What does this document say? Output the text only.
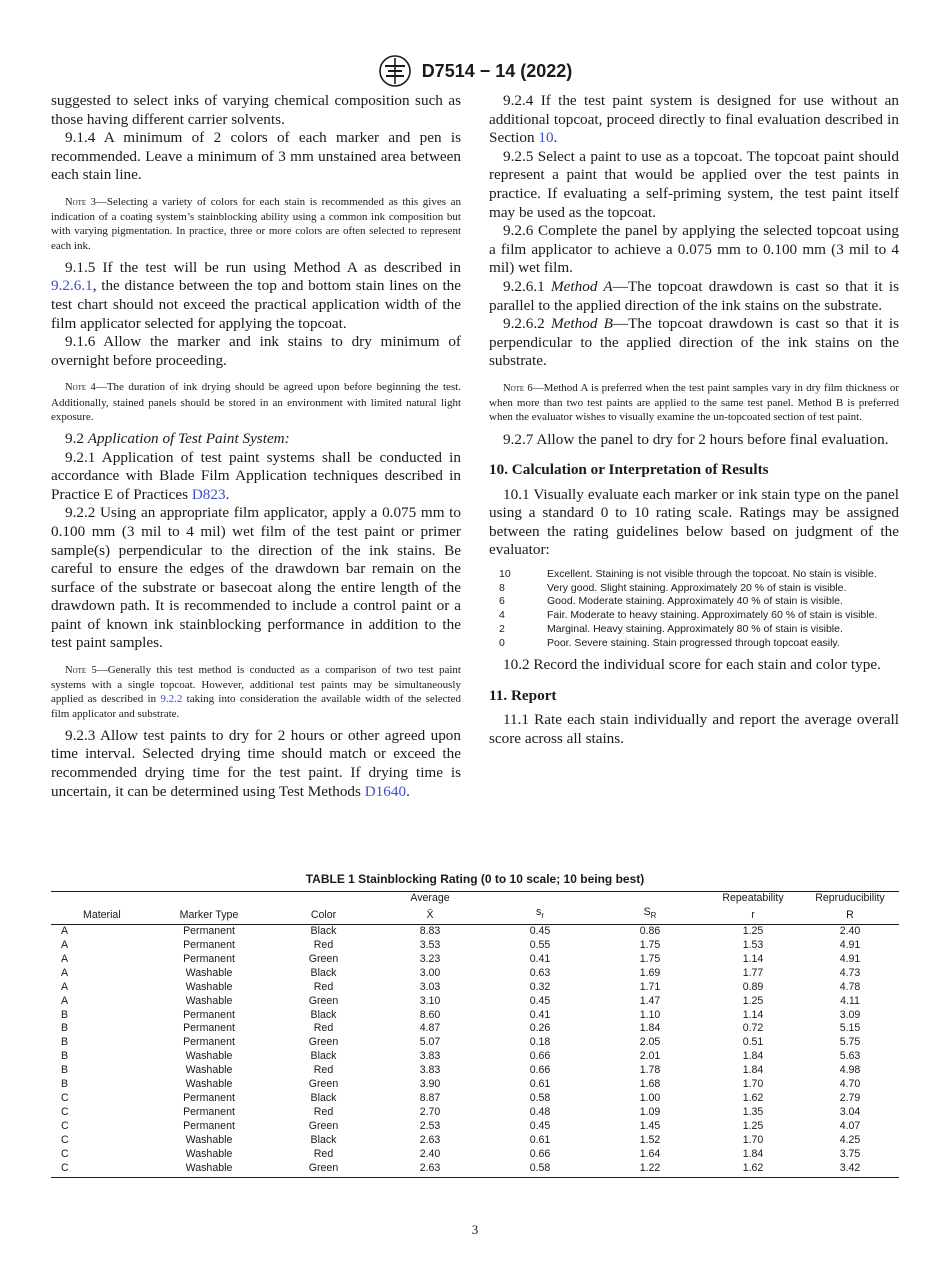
D7514 − 14 (2022)

suggested to select inks of varying chemical composition such as those having different carrier solvents.

9.1.4 A minimum of 2 colors of each marker and pen is recommended. Leave a minimum of 3 mm unstained area between each stain line.

Note 3—Selecting a variety of colors for each stain is recommended as this gives an indication of a coating system’s stainblocking ability using a common ink composition but with varying pigmentation. In practice, three or more colors are often selected to represent each ink.

9.1.5 If the test will be run using Method A as described in 9.2.6.1, the distance between the top and bottom stain lines on the test chart should not exceed the practical application width of the film applicator selected for applying the topcoat.

9.1.6 Allow the marker and ink stains to dry minimum of overnight before proceeding.

Note 4—The duration of ink drying should be agreed upon before beginning the test. Additionally, stained panels should be stored in an environment with limited natural light exposure.

9.2 Application of Test Paint System:

9.2.1 Application of test paint systems shall be conducted in accordance with Blade Film Application techniques described in Practice E of Practices D823.

9.2.2 Using an appropriate film applicator, apply a 0.075 mm to 0.100 mm (3 mil to 4 mil) wet film of the test paint or primer sample(s) perpendicular to the direction of the ink stains. Be careful to ensure the edges of the drawdown bar remain on the surface of the substrate or basecoat along the entire length of the drawdown path. It is recommended to include a control paint or a paint of known ink stainblocking performance in addition to the test paint samples.

Note 5—Generally this test method is conducted as a comparison of two test paint systems with a single topcoat. However, additional test paints may be simultaneously applied as described in 9.2.2 taking into consideration the available width of the selected film applicator and substrate.

9.2.3 Allow test paints to dry for 2 hours or other agreed upon time interval. Selected drying time should match or exceed the recommended drying time for the test paint. If drying time is uncertain, it can be determined using Test Methods D1640.

9.2.4 If the test paint system is designed for use without an additional topcoat, proceed directly to final evaluation described in Section 10.

9.2.5 Select a paint to use as a topcoat. The topcoat paint should represent a paint that would be applied over the test paints in practice. If evaluating a self-priming system, the test paint itself may be used as the topcoat.

9.2.6 Complete the panel by applying the selected topcoat using a film applicator to achieve a 0.075 mm to 0.100 mm (3 mil to 4 mil) wet film.

9.2.6.1 Method A—The topcoat drawdown is cast so that it is parallel to the applied direction of the ink stains on the substrate.

9.2.6.2 Method B—The topcoat drawdown is cast so that it is perpendicular to the applied direction of the ink stains on the substrate.

Note 6—Method A is preferred when the test paint samples vary in dry film thickness or when more than two test paints are applied to the same test panel. Method B is preferred when the evaluator wishes to visually examine the un-topcoated section of test paint.

9.2.7 Allow the panel to dry for 2 hours before final evaluation.

10. Calculation or Interpretation of Results

10.1 Visually evaluate each marker or ink stain type on the panel using a standard 0 to 10 rating scale. Ratings may be assigned between the rating guidelines below based on judgment of the evaluator:

10	Excellent. Staining is not visible through the topcoat. No stain is visible.
8	Very good. Slight staining. Approximately 20 % of stain is visible.
6	Good. Moderate staining. Approximately 40 % of stain is visible.
4	Fair. Moderate to heavy staining. Approximately 60 % of stain is visible.
2	Marginal. Heavy staining. Approximately 80 % of stain is visible.
0	Poor. Severe staining. Stain progressed through topcoat easily.

10.2 Record the individual score for each stain and color type.

11. Report

11.1 Rate each stain individually and report the average overall score across all stains.

TABLE 1 Stainblocking Rating (0 to 10 scale; 10 being best)
			Average			Repeatability	Repruducibility
Material	Marker Type	Color	X̄	$s_r$	$S_R$	r	R
A	Permanent	Black	8.83	0.45	0.86	1.25	2.40
A	Permanent	Red	3.53	0.55	1.75	1.53	4.91
A	Permanent	Green	3.23	0.41	1.75	1.14	4.91
A	Washable	Black	3.00	0.63	1.69	1.77	4.73
A	Washable	Red	3.03	0.32	1.71	0.89	4.78
A	Washable	Green	3.10	0.45	1.47	1.25	4.11
B	Permanent	Black	8.60	0.41	1.10	1.14	3.09
B	Permanent	Red	4.87	0.26	1.84	0.72	5.15
B	Permanent	Green	5.07	0.18	2.05	0.51	5.75
B	Washable	Black	3.83	0.66	2.01	1.84	5.63
B	Washable	Red	3.83	0.66	1.78	1.84	4.98
B	Washable	Green	3.90	0.61	1.68	1.70	4.70
C	Permanent	Black	8.87	0.58	1.00	1.62	2.79
C	Permanent	Red	2.70	0.48	1.09	1.35	3.04
C	Permanent	Green	2.53	0.45	1.45	1.25	4.07
C	Washable	Black	2.63	0.61	1.52	1.70	4.25
C	Washable	Red	2.40	0.66	1.64	1.84	3.75
C	Washable	Green	2.63	0.58	1.22	1.62	3.42
3
